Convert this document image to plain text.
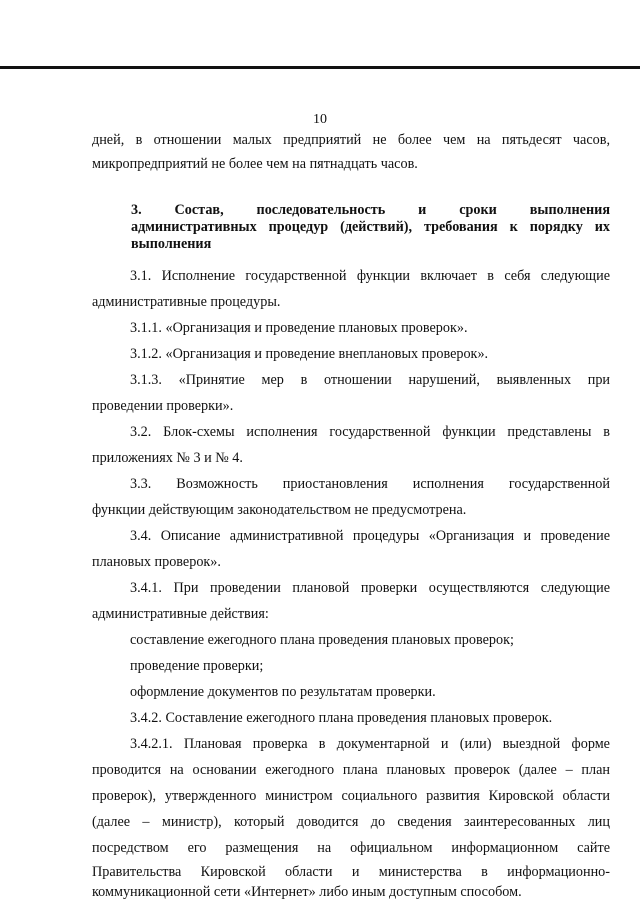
10
дней, в отношении малых предприятий не более чем на пятьдесят часов,
микропредприятий не более чем на пятнадцать часов.
3. Состав, последовательность и сроки выполнения
административных процедур (действий), требования к порядку их
выполнения
3.1. Исполнение государственной функции включает в себя следующие
административные процедуры.
3.1.1. «Организация и проведение плановых проверок».
3.1.2. «Организация и проведение внеплановых проверок».
3.1.3. «Принятие мер в отношении нарушений, выявленных при
проведении проверки».
3.2. Блок-схемы исполнения государственной функции представлены в
приложениях № 3 и № 4.
3.3. Возможность приостановления исполнения государственной
функции действующим законодательством не предусмотрена.
3.4. Описание административной процедуры «Организация и проведение
плановых проверок».
3.4.1. При проведении плановой проверки осуществляются следующие
административные действия:
составление ежегодного плана проведения плановых проверок;
проведение проверки;
оформление документов по результатам проверки.
3.4.2. Составление ежегодного плана проведения плановых проверок.
3.4.2.1. Плановая проверка в документарной и (или) выездной форме
проводится на основании ежегодного плана плановых проверок (далее – план
проверок), утвержденного министром социального развития Кировской области
(далее – министр), который доводится до сведения заинтересованных лиц
посредством его размещения на официальном информационном сайте
Правительства Кировской области и министерства в информационно-
коммуникационной сети «Интернет» либо иным доступным способом.
